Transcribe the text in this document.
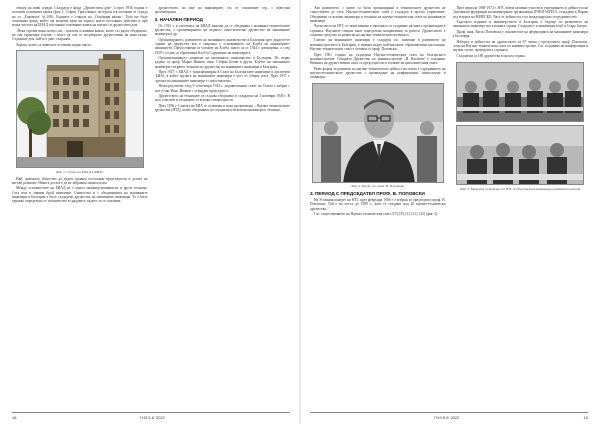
сенкур на нови сгради. Създаден е фонд „Дружествен дом“, а през 1936 година е положен основният камък (фиг. 1, София, Тригълника, построен и в ползване от сграда на ул. „Раковска“ №108). Годината е станала на „Основния камък“. Този ще бъде основният фонд, който ще можеше кръв на хората, които постоянно действат и при всяка чистота на БИАД постоянно основният камък на всичко си дружествен дом.

„Нека строим всяко нещо сам – полагам основния камък, която са градът обединено, не сме гарантира усилие, с което да сме се посрещнато дружествени на нова къщи. Седалище дом, който е днес съхранен.

Хората, които са живели и оставили видно място.

Фиг. 1. Сграда на БИАД в ФНТС

Най, днешното общество да дадем, правим постоянно председатели и делата на негово развитие. Никога досега е да не забравим замисъла им.

Между основателите на БИАД не е имало инженер-машинисти и други техници. Сега има и значим брой инженери. Съвместно и с обединенията на машинните инженери в България е било създадено дружество на машинните инженери. То е било еднакво определено от ученичество в градовете, където то се основава.

дружеството, но още на инженерите, със от отношение стр., с известни произведения.

3. НАЧАЛЕН ПЕРИОД

От 1912 г. в системата на БИАД започва да се обединява с машинно-техническите дружества, с организирането на първото самостоятелно дружество на машинните инженери в др.

Организирането, развитието на машинното инженерство в България през двадесетте години на двадесети век е свързано с основаването на Клуба на инженерите-машинисти. Предоставени са членове на Клуба, които са от 1924 г. разширени, а след 1929 г. от нея са образувани Клуб и Сдружение на инженерите.

Организационното развитие на машинното инженерство в България. На първо дадено са проф. Марко Иванов, инж. Стефан Бочев и други. Клубът на машинните инженери е първото техническо дружество на машинните инженери в България.

През 1927 г. БИАД е трансформиран в Съюз на Българските инженери и архитекти (БИА), в който групата на машинните инженери е част от общия съюз. През 1937 г. групата на машинните инженери е самостоятелна.

Непосредствено след 9 септември 1944 г. управителният съвет на Съюза е избран с нов устав. Инж. Иванов с утвърден председател.

Дружеството на техниците се създава обединено и създадено на 3 ноември 1949 г. В него участват и техниците от всички специалности.

През 1956 г. Съюзът на БИА се основава и нова организация – Научно-техническите дружества (НТД), които обединяват по специалности всички инженери и техници.

18	ГНЗ 5-6' 2022

Ако развитието, с които са били организирани в техническите дружества не съществуват до сега. Научно-техническият съюз е създаден в цялото управление. Обединени са всички инженери и техници на научно-техническия съюз на машинните инженери.

Членството на НТС от нови начини е започнато са създаване на много организации в страната. Научните секции имат определени направления за работа. Дружеството е основно средство за развитие на научно-техническия потенциал.

Съюзът на машинните инженери е създаден със значение в развитието на машиностроенето в България, а именно върху най-високите образователни инстанции. Научно-техническият съюз е оглавен от проф. Поповски.

През 1961 година на създадена Научно-техническия съюз на българското машиностроене. Секцията Дружество по машиностроене „Н. Василев“ е основана. Имената на дружествения съюз са председатели и членове на изпълнителния съвет.

Нова форма за развитие на научно-техническата дейност на съюза е учредяването на научно-техническите дружества с провеждане на конференции, симпозиуми и семинари.

Фиг. 2. Проф. гео.-инж. В. Поповски
3. ПЕРИОД С ПРЕДСЕДАТЕЛ ПРОФ. В. ПОПОВСКИ

На Уставния конгрес на НТС през февруари 1966 г. е избран за председател проф. В. Поповски. Той е на поста до 1989 г., като се създават над 20 научно-технически дружества.

Със съществуването на Научно-техническия съюз [19], [8], [2], [21], [22] (фиг. 2).

През периода 1968-1972 г. НТС взема активно участие в учредяването и дейността на Световната федерация на инженерните организации (FMOI-WFEO), създадена в Париж под егидата на ЮНЕСКО. Част от дейността е по международно сътрудничество.

Бъдещото издание и инженерството в България е бъдеще по развитието на машинното инженерство в нашата страна. Създаден е и инженерен клуб в Стара Загора.

Проф. инж. Васил Поповски е основателят на федерацията на машинните инженери в България.

Изборът и дейността на дружеството за 67 члена с председател проф. Поповски, също на Научно-техническия съюз по машиностроене. Със създаване на конференция и научни сесии, проведени в страната.

Създадени са 180 дружества в цялата страна.

Фиг. 3. Моменти от Конгрес на НТС на Българските инженери и машиностроители
ГНЗ 5-6' 2022	19
